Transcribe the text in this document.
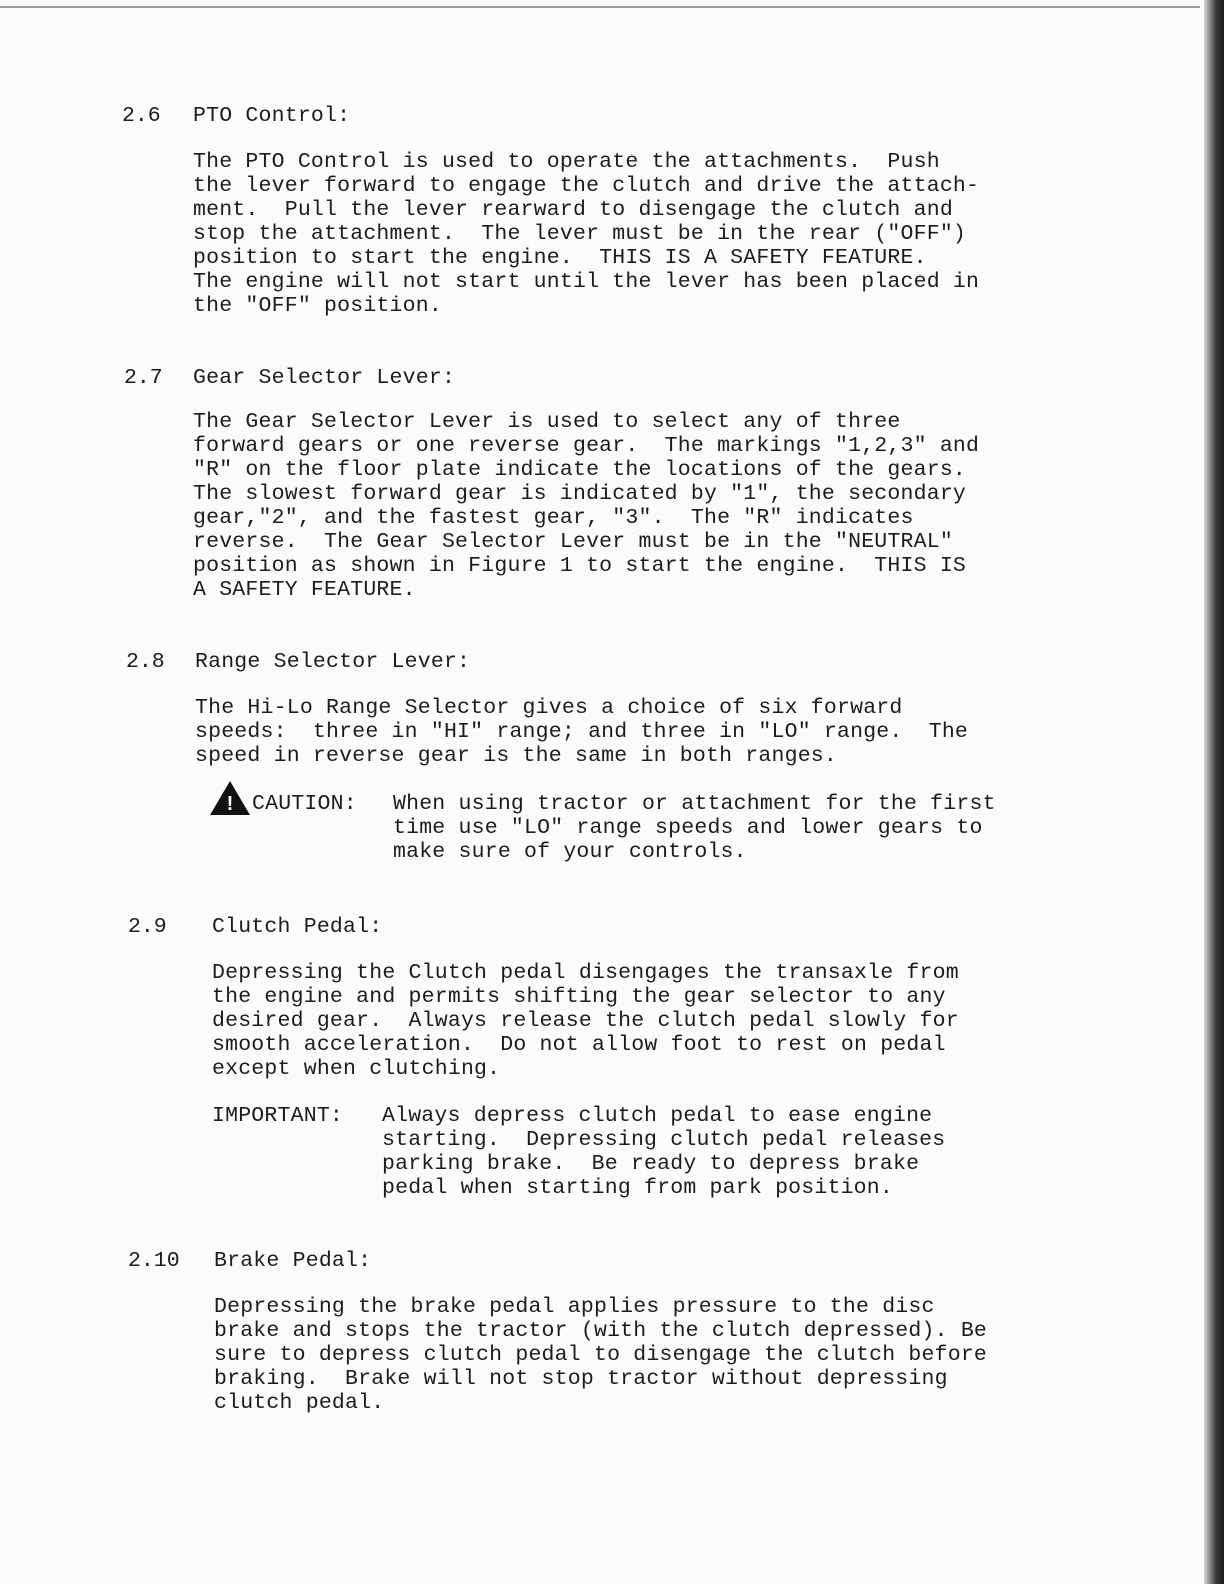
2.6 PTO Control:
The PTO Control is used to operate the attachments.  Push
the lever forward to engage the clutch and drive the attach-
ment.  Pull the lever rearward to disengage the clutch and
stop the attachment.  The lever must be in the rear ("OFF")
position to start the engine.  THIS IS A SAFETY FEATURE.
The engine will not start until the lever has been placed in
the "OFF" position.
2.7 Gear Selector Lever:
The Gear Selector Lever is used to select any of three
forward gears or one reverse gear.  The markings "1,2,3" and
"R" on the floor plate indicate the locations of the gears.
The slowest forward gear is indicated by "1", the secondary
gear,"2", and the fastest gear, "3".  The "R" indicates
reverse.  The Gear Selector Lever must be in the "NEUTRAL"
position as shown in Figure 1 to start the engine.  THIS IS
A SAFETY FEATURE.
2.8 Range Selector Lever:
The Hi-Lo Range Selector gives a choice of six forward
speeds:  three in "HI" range; and three in "LO" range.  The
speed in reverse gear is the same in both ranges.
! CAUTION: When using tractor or attachment for the first
time use "LO" range speeds and lower gears to
make sure of your controls.
2.9 Clutch Pedal:
Depressing the Clutch pedal disengages the transaxle from
the engine and permits shifting the gear selector to any
desired gear.  Always release the clutch pedal slowly for
smooth acceleration.  Do not allow foot to rest on pedal
except when clutching.
IMPORTANT: Always depress clutch pedal to ease engine
starting.  Depressing clutch pedal releases
parking brake.  Be ready to depress brake
pedal when starting from park position.
2.10 Brake Pedal:
Depressing the brake pedal applies pressure to the disc
brake and stops the tractor (with the clutch depressed). Be
sure to depress clutch pedal to disengage the clutch before
braking.  Brake will not stop tractor without depressing
clutch pedal.
